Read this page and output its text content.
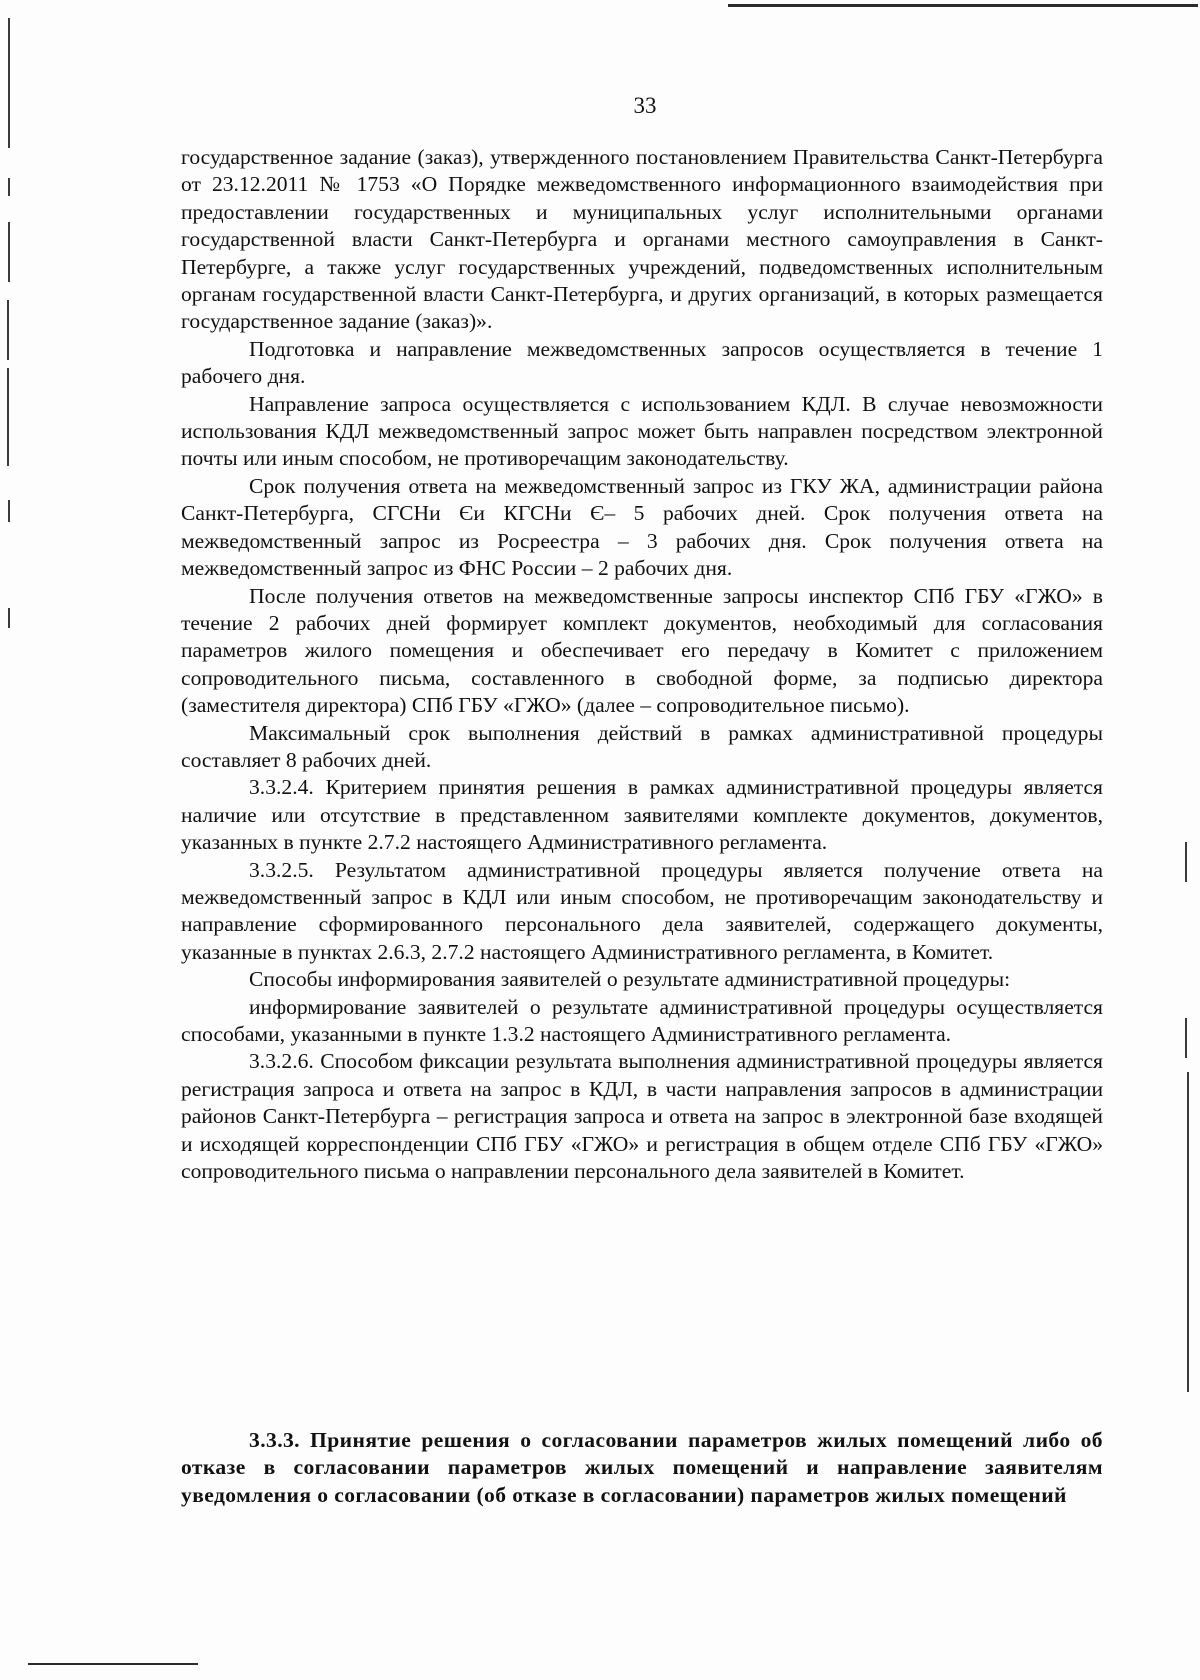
33

государственное задание (заказ), утвержденного постановлением Правительства Санкт-Петербурга от 23.12.2011 № 1753 «О Порядке межведомственного информационного взаимодействия при предоставлении государственных и муниципальных услуг исполнительными органами государственной власти Санкт-Петербурга и органами местного самоуправления в Санкт-Петербурге, а также услуг государственных учреждений, подведомственных исполнительным органам государственной власти Санкт-Петербурга, и других организаций, в которых размещается государственное задание (заказ)».

Подготовка и направление межведомственных запросов осуществляется в течение 1 рабочего дня.

Направление запроса осуществляется с использованием КДЛ. В случае невозможности использования КДЛ межведомственный запрос может быть направлен посредством электронной почты или иным способом, не противоречащим законодательству.

Срок получения ответа на межведомственный запрос из ГКУ ЖА, администрации района Санкт-Петербурга, СГСНи Єи КГСНи Є– 5 рабочих дней. Срок получения ответа на межведомственный запрос из Росреестра – 3 рабочих дня. Срок получения ответа на межведомственный запрос из ФНС России – 2 рабочих дня.

После получения ответов на межведомственные запросы инспектор СПб ГБУ «ГЖО» в течение 2 рабочих дней формирует комплект документов, необходимый для согласования параметров жилого помещения и обеспечивает его передачу в Комитет с приложением сопроводительного письма, составленного в свободной форме, за подписью директора (заместителя директора) СПб ГБУ «ГЖО» (далее – сопроводительное письмо).

Максимальный срок выполнения действий в рамках административной процедуры составляет 8 рабочих дней.

3.3.2.4. Критерием принятия решения в рамках административной процедуры является наличие или отсутствие в представленном заявителями комплекте документов, документов, указанных в пункте 2.7.2 настоящего Административного регламента.

3.3.2.5. Результатом административной процедуры является получение ответа на межведомственный запрос в КДЛ или иным способом, не противоречащим законодательству и направление сформированного персонального дела заявителей, содержащего документы, указанные в пунктах 2.6.3, 2.7.2 настоящего Административного регламента, в Комитет.

Способы информирования заявителей о результате административной процедуры:

информирование заявителей о результате административной процедуры осуществляется способами, указанными в пункте 1.3.2 настоящего Административного регламента.

3.3.2.6. Способом фиксации результата выполнения административной процедуры является регистрация запроса и ответа на запрос в КДЛ, в части направления запросов в администрации районов Санкт-Петербурга – регистрация запроса и ответа на запрос в электронной базе входящей и исходящей корреспонденции СПб ГБУ «ГЖО» и регистрация в общем отделе СПб ГБУ «ГЖО» сопроводительного письма о направлении персонального дела заявителей в Комитет.

3.3.3. Принятие решения о согласовании параметров жилых помещений либо об отказе в согласовании параметров жилых помещений и направление заявителям уведомления о согласовании (об отказе в согласовании) параметров жилых помещений
